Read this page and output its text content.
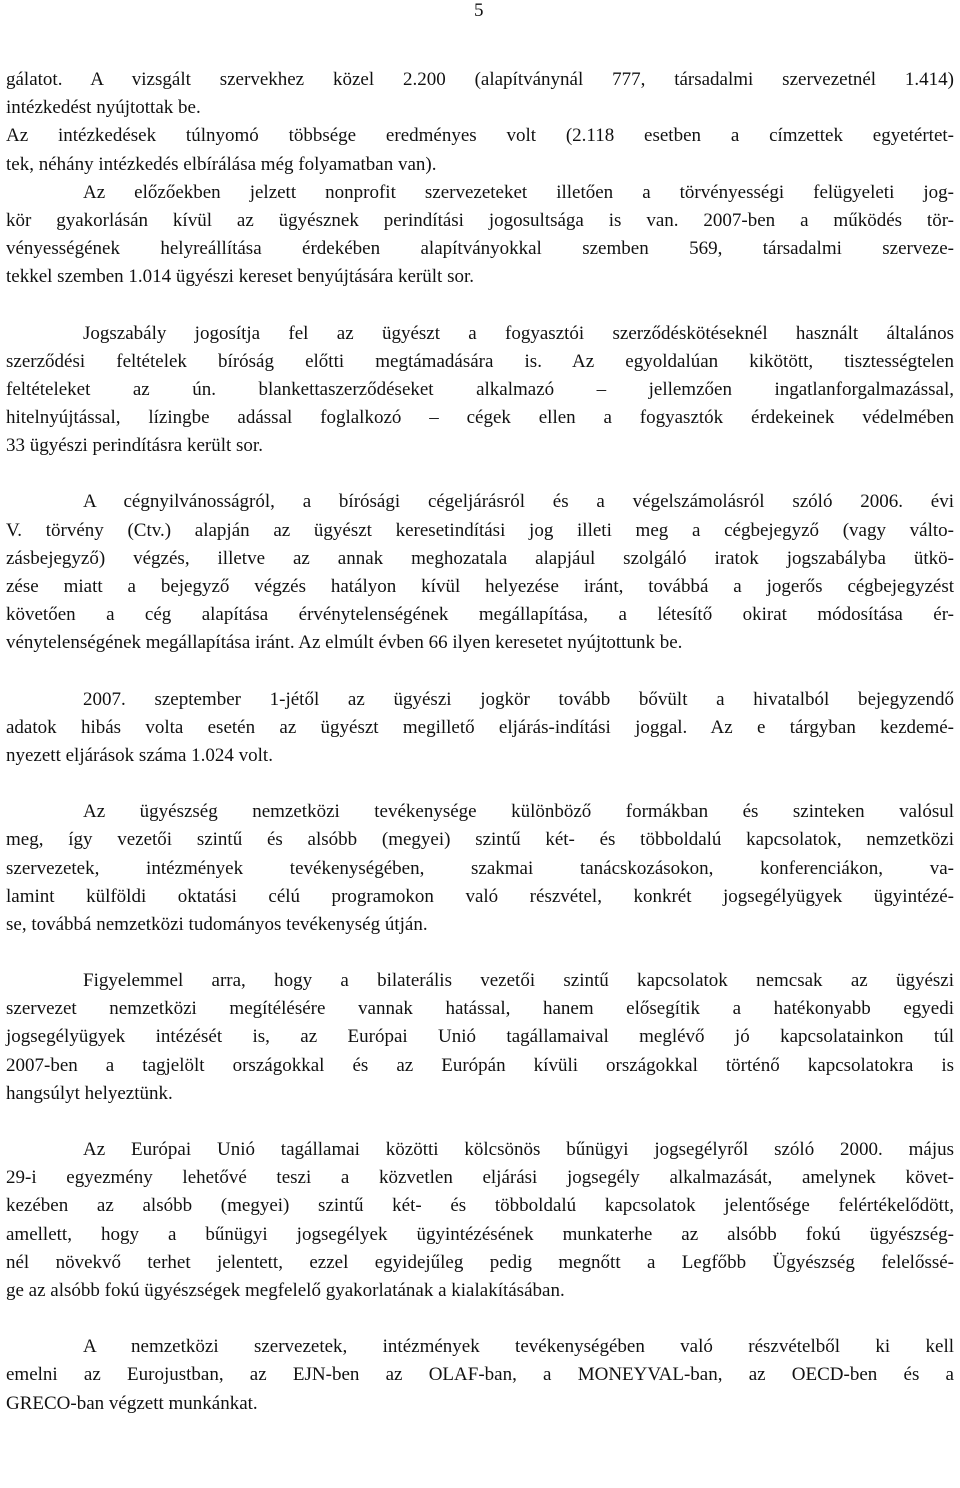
5
gálatot. A vizsgált szervekhez közel 2.200 (alapítványnál 777, társadalmi szervezetnél 1.414)
intézkedést nyújtottak be.
Az intézkedések túlnyomó többsége eredményes volt (2.118 esetben a címzettek egyetértet-
tek, néhány intézkedés elbírálása még folyamatban van).
Az előzőekben jelzett nonprofit szervezeteket illetően a törvényességi felügyeleti jog-
kör gyakorlásán kívül az ügyésznek perindítási jogosultsága is van. 2007-ben a működés tör-
vényességének helyreállítása érdekében alapítványokkal szemben 569, társadalmi szerveze-
tekkel szemben 1.014 ügyészi kereset benyújtására került sor.
Jogszabály jogosítja fel az ügyészt a fogyasztói szerződéskötéseknél használt általános
szerződési feltételek bíróság előtti megtámadására is. Az egyoldalúan kikötött, tisztességtelen
feltételeket az ún. blankettaszerződéseket alkalmazó – jellemzően ingatlanforgalmazással,
hitelnyújtással, lízingbe adással foglalkozó – cégek ellen a fogyasztók érdekeinek védelmében
33 ügyészi perindításra került sor.
A cégnyilvánosságról, a bírósági cégeljárásról és a végelszámolásról szóló 2006. évi
V. törvény (Ctv.) alapján az ügyészt keresetindítási jog illeti meg a cégbejegyző (vagy válto-
zásbejegyző) végzés, illetve az annak meghozatala alapjául szolgáló iratok jogszabályba ütkö-
zése miatt a bejegyző végzés hatályon kívül helyezése iránt, továbbá a jogerős cégbejegyzést
követően a cég alapítása érvénytelenségének megállapítása, a létesítő okirat módosítása ér-
vénytelenségének megállapítása iránt. Az elmúlt évben 66 ilyen keresetet nyújtottunk be.
2007. szeptember 1-jétől az ügyészi jogkör tovább bővült a hivatalból bejegyzendő
adatok hibás volta esetén az ügyészt megillető eljárás-indítási joggal. Az e tárgyban kezdemé-
nyezett eljárások száma 1.024 volt.
Az ügyészség nemzetközi tevékenysége különböző formákban és szinteken valósul
meg, így vezetői szintű és alsóbb (megyei) szintű két- és többoldalú kapcsolatok, nemzetközi
szervezetek, intézmények tevékenységében, szakmai tanácskozásokon, konferenciákon, va-
lamint külföldi oktatási célú programokon való részvétel, konkrét jogsegélyügyek ügyintézé-
se, továbbá nemzetközi tudományos tevékenység útján.
Figyelemmel arra, hogy a bilaterális vezetői szintű kapcsolatok nemcsak az ügyészi
szervezet nemzetközi megítélésére vannak hatással, hanem elősegítik a hatékonyabb egyedi
jogsegélyügyek intézését is, az Európai Unió tagállamaival meglévő jó kapcsolatainkon túl
2007-ben a tagjelölt országokkal és az Európán kívüli országokkal történő kapcsolatokra is
hangsúlyt helyeztünk.
Az Európai Unió tagállamai közötti kölcsönös bűnügyi jogsegélyről szóló 2000. május
29-i egyezmény lehetővé teszi a közvetlen eljárási jogsegély alkalmazását, amelynek követ-
kezében az alsóbb (megyei) szintű két- és többoldalú kapcsolatok jelentősége felértékelődött,
amellett, hogy a bűnügyi jogsegélyek ügyintézésének munkaterhe az alsóbb fokú ügyészség-
nél növekvő terhet jelentett, ezzel egyidejűleg pedig megnőtt a Legfőbb Ügyészség felelőssé-
ge az alsóbb fokú ügyészségek megfelelő gyakorlatának a kialakításában.
A nemzetközi szervezetek, intézmények tevékenységében való részvételből ki kell
emelni az Eurojustban, az EJN-ben az OLAF-ban, a MONEYVAL-ban, az OECD-ben és a
GRECO-ban végzett munkánkat.
